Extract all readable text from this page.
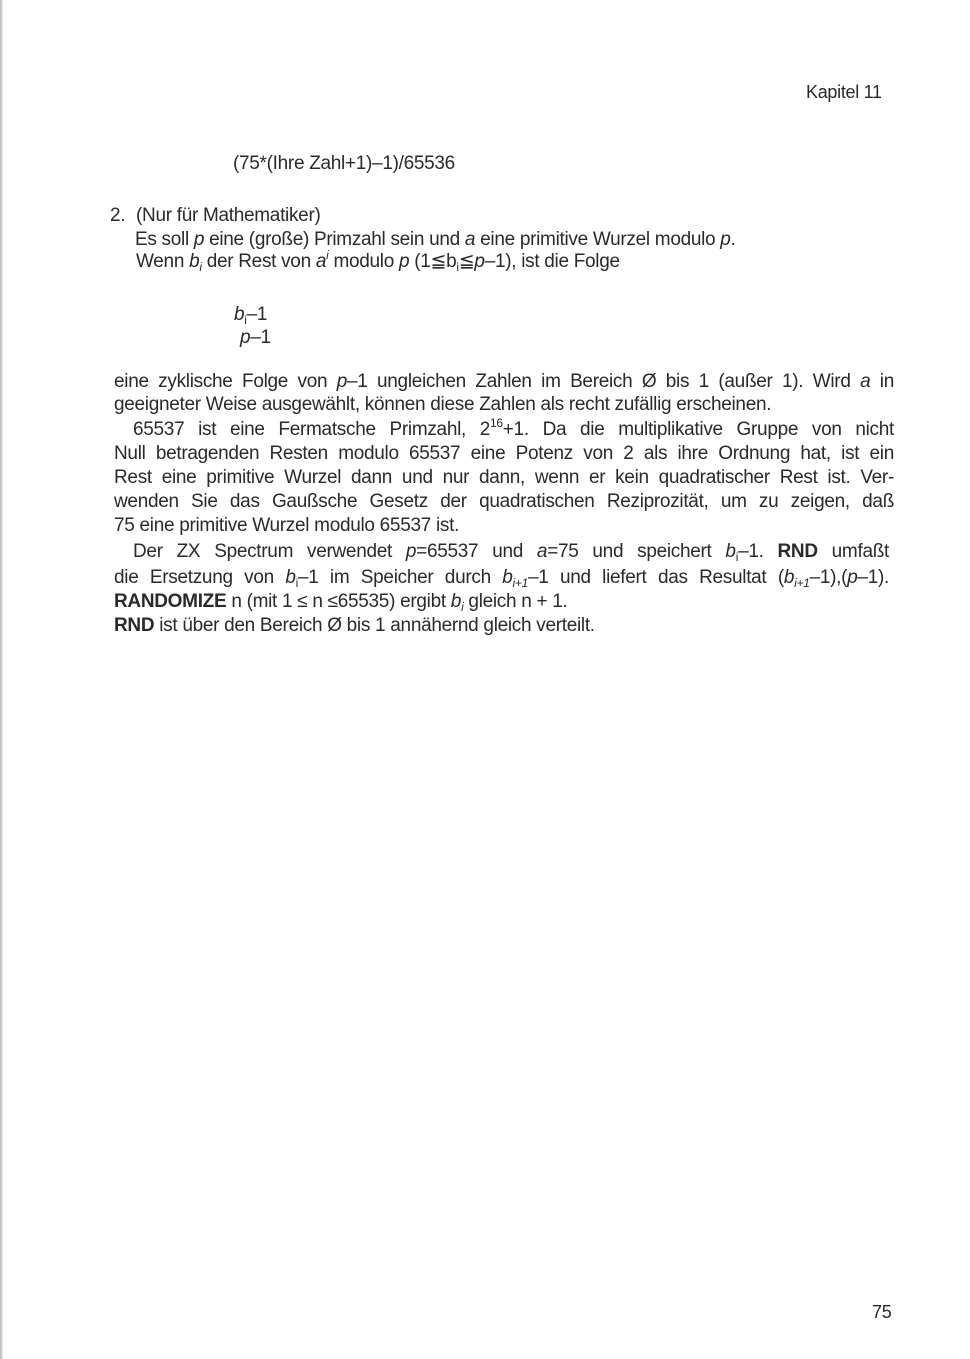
Kapitel 11
(75*(Ihre Zahl+1)–1)/65536
2. (Nur für Mathematiker)
Es soll p eine (große) Primzahl sein und a eine primitive Wurzel modulo p.
Wenn $b_i$ der Rest von $a^i$ modulo p $(1≦b_i≦p-1)$, ist die Folge
$b_i-1$
p–1
eine zyklische Folge von p–1 ungleichen Zahlen im Bereich Ø bis 1 (außer 1). Wird a in
geeigneter Weise ausgewählt, können diese Zahlen als recht zufällig erscheinen.
65537 ist eine Fermatsche Primzahl, $2^{16}+1$. Da die multiplikative Gruppe von nicht
Null betragenden Resten modulo 65537 eine Potenz von 2 als ihre Ordnung hat, ist ein
Rest eine primitive Wurzel dann und nur dann, wenn er kein quadratischer Rest ist. Ver-
wenden Sie das Gaußsche Gesetz der quadratischen Reziprozität, um zu zeigen, daß
75 eine primitive Wurzel modulo 65537 ist.
Der ZX Spectrum verwendet p=65537 und a=75 und speichert $b_i-1$. RND umfaßt
die Ersetzung von $b_i-1$ im Speicher durch $b_{i+1}-1$ und liefert das Resultat $(b_{i+1}-1),(p-1)$.
RANDOMIZE n (mit 1 ≤ n ≤65535) ergibt $b_i$ gleich n + 1.
RND ist über den Bereich Ø bis 1 annähernd gleich verteilt.
75
